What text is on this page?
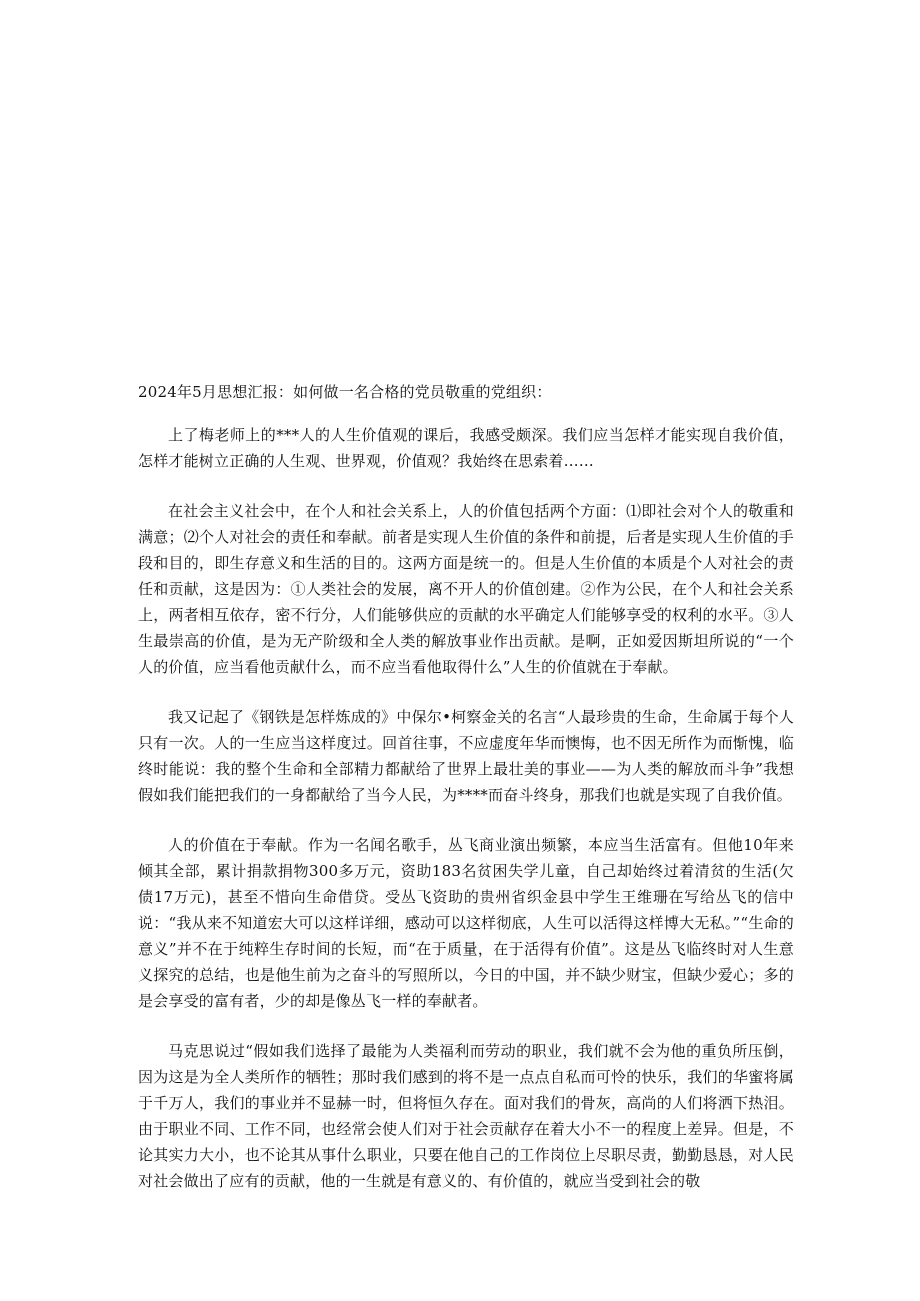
2024年5月思想汇报：如何做一名合格的党员敬重的党组织：

上了梅老师上的***人的人生价值观的课后，我感受颇深。我们应当怎样才能实现自我价值，怎样才能树立正确的人生观、世界观，价值观？我始终在思索着……

在社会主义社会中，在个人和社会关系上，人的价值包括两个方面：⑴即社会对个人的敬重和满意；⑵个人对社会的责任和奉献。前者是实现人生价值的条件和前提，后者是实现人生价值的手段和目的，即生存意义和生活的目的。这两方面是统一的。但是人生价值的本质是个人对社会的责任和贡献，这是因为：①人类社会的发展，离不开人的价值创建。②作为公民，在个人和社会关系上，两者相互依存，密不行分，人们能够供应的贡献的水平确定人们能够享受的权利的水平。③人生最崇高的价值，是为无产阶级和全人类的解放事业作出贡献。是啊，正如爱因斯坦所说的“一个人的价值，应当看他贡献什么，而不应当看他取得什么”人生的价值就在于奉献。

我又记起了《钢铁是怎样炼成的》中保尔•柯察金关的名言“人最珍贵的生命，生命属于每个人只有一次。人的一生应当这样度过。回首往事，不应虚度年华而懊悔，也不因无所作为而惭愧，临终时能说：我的整个生命和全部精力都献给了世界上最壮美的事业——为人类的解放而斗争”我想假如我们能把我们的一身都献给了当今人民，为****而奋斗终身，那我们也就是实现了自我价值。

人的价值在于奉献。作为一名闻名歌手，丛飞商业演出频繁，本应当生活富有。但他10年来倾其全部，累计捐款捐物300多万元，资助183名贫困失学儿童，自己却始终过着清贫的生活(欠债17万元)，甚至不惜向生命借贷。受丛飞资助的贵州省织金县中学生王维珊在写给丛飞的信中说：“我从来不知道宏大可以这样详细，感动可以这样彻底，人生可以活得这样博大无私。”“生命的意义”并不在于纯粹生存时间的长短，而“在于质量，在于活得有价值”。这是丛飞临终时对人生意义探究的总结，也是他生前为之奋斗的写照所以，今日的中国，并不缺少财宝，但缺少爱心；多的是会享受的富有者，少的却是像丛飞一样的奉献者。

马克思说过“假如我们选择了最能为人类福利而劳动的职业，我们就不会为他的重负所压倒，因为这是为全人类所作的牺牲；那时我们感到的将不是一点点自私而可怜的快乐，我们的华蜜将属于千万人，我们的事业并不显赫一时，但将恒久存在。面对我们的骨灰，高尚的人们将洒下热泪。由于职业不同、工作不同，也经常会使人们对于社会贡献存在着大小不一的程度上差异。但是，不论其实力大小，也不论其从事什么职业，只要在他自己的工作岗位上尽职尽责，勤勤恳恳，对人民对社会做出了应有的贡献，他的一生就是有意义的、有价值的，就应当受到社会的敬
